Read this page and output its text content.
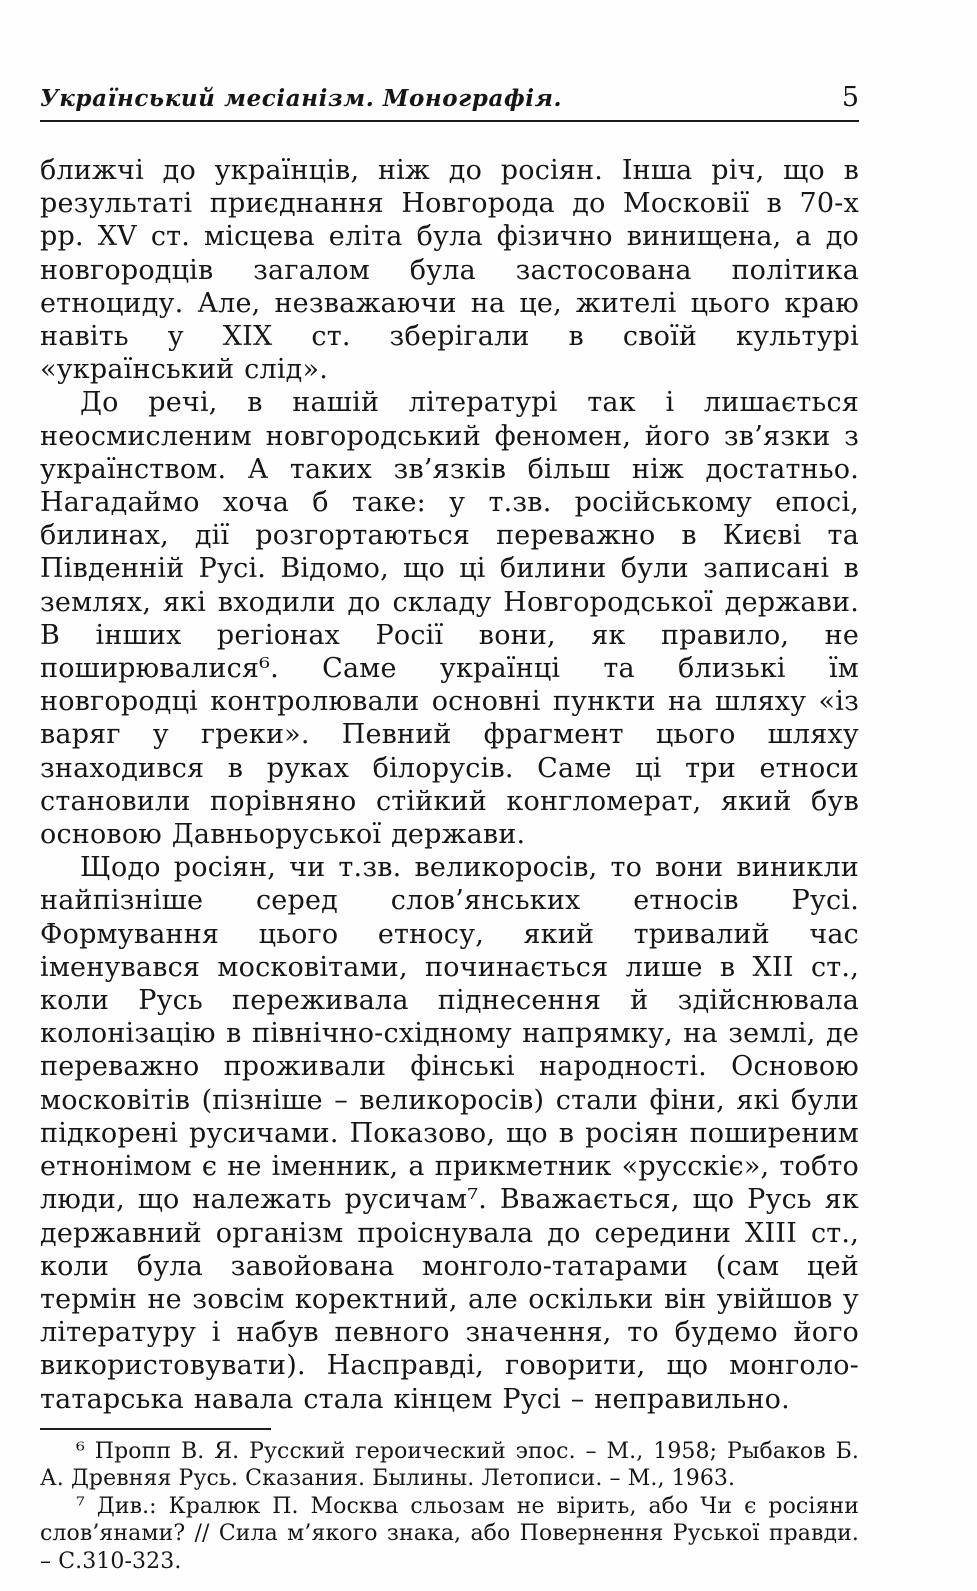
Український месіанізм. Монографія.	5

ближчі до українців, ніж до росіян. Інша річ, що в результаті приєднання Новгорода до Московії в 70-х рр. XV ст. місцева еліта була фізично винищена, а до новгородців загалом була застосована політика етноциду. Але, незважаючи на це, жителі цього краю навіть у XIX ст. зберігали в своїй культурі «український слід».

До речі, в нашій літературі так і лишається неосмисленим новгородський феномен, його зв’язки з українством. А таких зв’язків більш ніж достатньо. Нагадаймо хоча б таке: у т.зв. російському епосі, билинах, дії розгортаються переважно в Києві та Південній Русі. Відомо, що ці билини були записані в землях, які входили до складу Новгородської держави. В інших регіонах Росії вони, як правило, не поширювалися⁶. Саме українці та близькі їм новгородці контролювали основні пункти на шляху «із варяг у греки». Певний фрагмент цього шляху знаходився в руках білорусів. Саме ці три етноси становили порівняно стійкий конгломерат, який був основою Давньоруської держави.

Щодо росіян, чи т.зв. великоросів, то вони виникли найпізніше серед слов’янських етносів Русі. Формування цього етносу, який тривалий час іменувався московітами, починається лише в XII ст., коли Русь переживала піднесення й здійснювала колонізацію в північно-східному напрямку, на землі, де переважно проживали фінські народності. Основою московітів (пізніше – великоросів) стали фіни, які були підкорені русичами. Показово, що в росіян поширеним етнонімом є не іменник, а прикметник «русскіє», тобто люди, що належать русичам⁷. Вважається, що Русь як державний організм проіснувала до середини XIII ст., коли була завойована монголо-татарами (сам цей термін не зовсім коректний, але оскільки він увійшов у літературу і набув певного значення, то будемо його використовувати). Насправді, говорити, що монголо-татарська навала стала кінцем Русі – неправильно.

⁶ Пропп В. Я. Русский героический эпос. – М., 1958; Рыбаков Б. А. Древняя Русь. Сказания. Былины. Летописи. – М., 1963.

⁷ Див.: Кралюк П. Москва сльозам не вірить, або Чи є росіяни слов’янами? // Сила м’якого знака, або Повернення Руської правди. – С.310-323.
